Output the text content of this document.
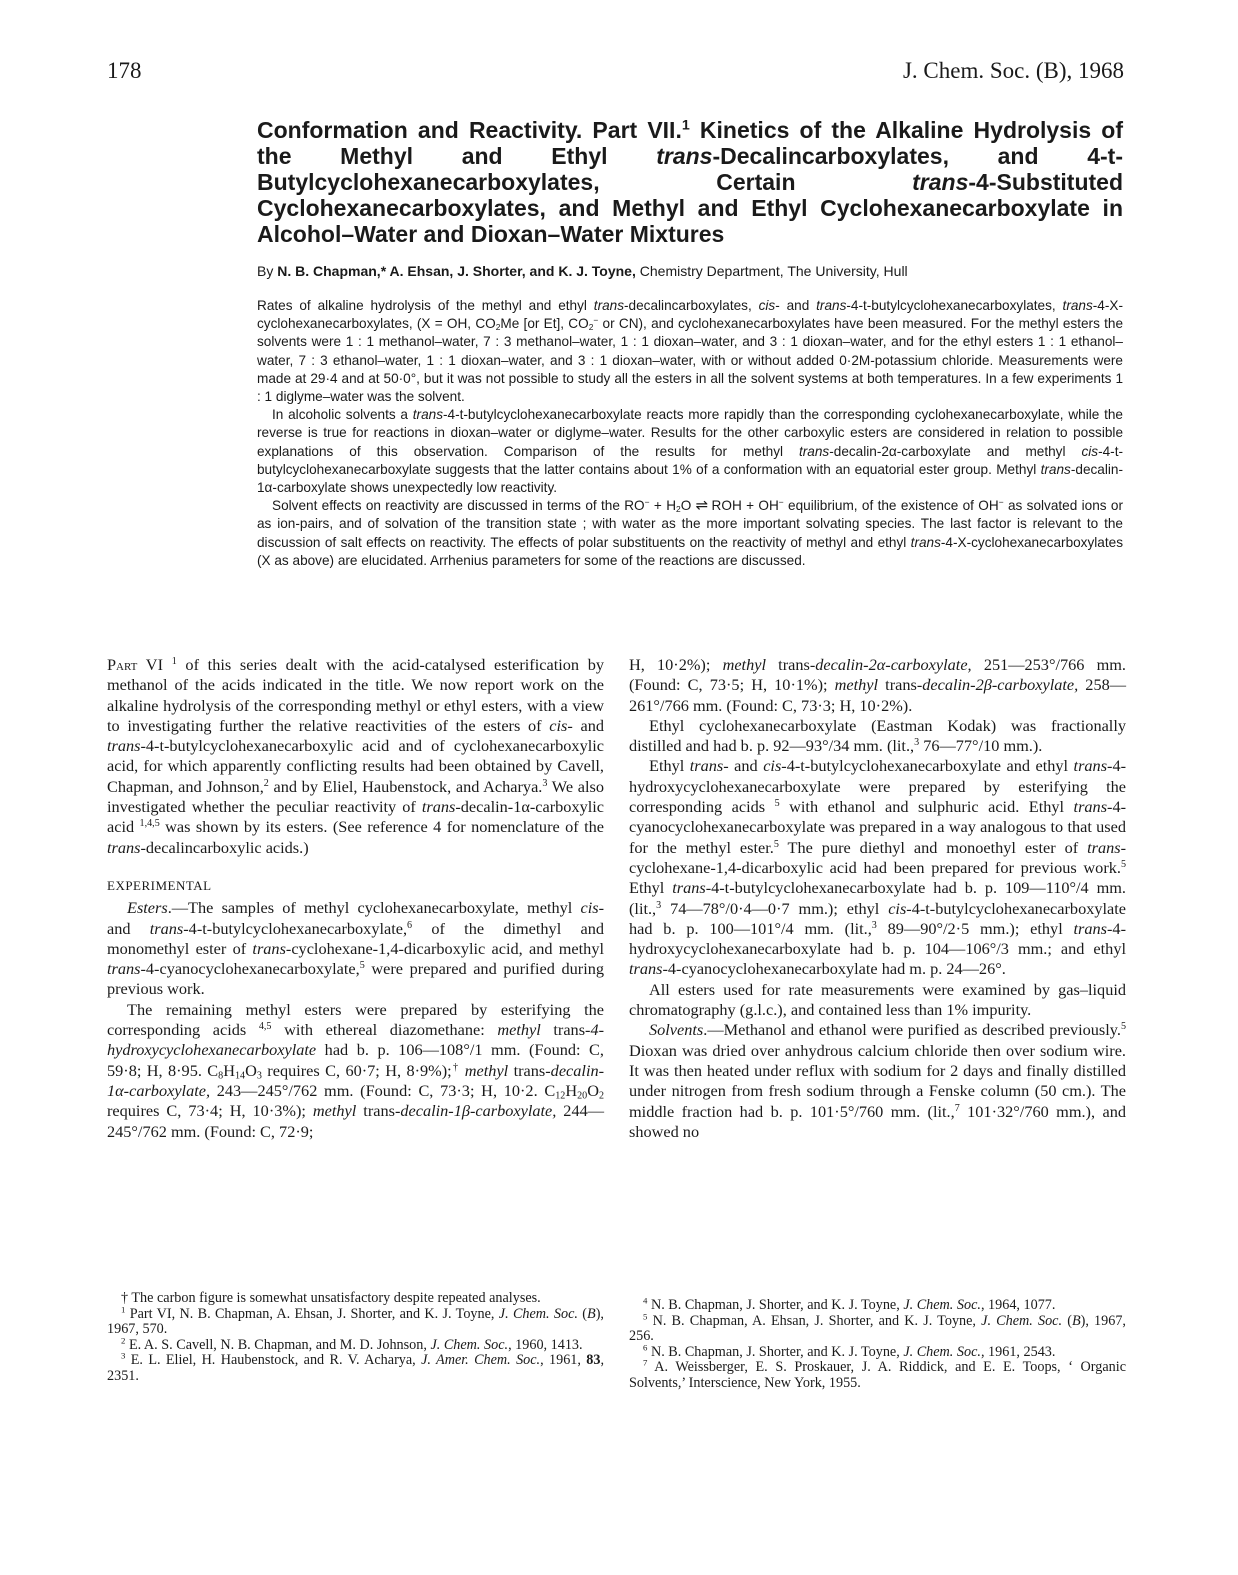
178	J. Chem. Soc. (B), 1968
Conformation and Reactivity. Part VII.$^1$ Kinetics of the Alkaline Hydrolysis of the Methyl and Ethyl trans-Decalincarboxylates, and 4-t-Butylcyclohexanecarboxylates, Certain trans-4-Substituted Cyclohexanecarboxylates, and Methyl and Ethyl Cyclohexanecarboxylate in Alcohol–Water and Dioxan–Water Mixtures
By N. B. Chapman,* A. Ehsan, J. Shorter, and K. J. Toyne, Chemistry Department, The University, Hull

Rates of alkaline hydrolysis of the methyl and ethyl trans-decalincarboxylates, cis- and trans-4-t-butylcyclohexanecarboxylates, trans-4-X-cyclohexanecarboxylates, (X = OH, $CO_2Me$ [or Et], $CO_2^-$ or CN), and cyclohexanecarboxylates have been measured. For the methyl esters the solvents were 1 : 1 methanol–water, 7 : 3 methanol–water, 1 : 1 dioxan–water, and 3 : 1 dioxan–water, and for the ethyl esters 1 : 1 ethanol–water, 7 : 3 ethanol–water, 1 : 1 dioxan–water, and 3 : 1 dioxan–water, with or without added 0·2M-potassium chloride. Measurements were made at 29·4 and at 50·0°, but it was not possible to study all the esters in all the solvent systems at both temperatures. In a few experiments 1 : 1 diglyme–water was the solvent.

In alcoholic solvents a trans-4-t-butylcyclohexanecarboxylate reacts more rapidly than the corresponding cyclohexanecarboxylate, while the reverse is true for reactions in dioxan–water or diglyme–water. Results for the other carboxylic esters are considered in relation to possible explanations of this observation. Comparison of the results for methyl trans-decalin-2α-carboxylate and methyl cis-4-t-butylcyclohexanecarboxylate suggests that the latter contains about 1% of a conformation with an equatorial ester group. Methyl trans-decalin-1α-carboxylate shows unexpectedly low reactivity.

Solvent effects on reactivity are discussed in terms of the $RO^- + H_2O$ ⇌ ROH + OH− equilibrium, of the existence of OH− as solvated ions or as ion-pairs, and of solvation of the transition state ; with water as the more important solvating species. The last factor is relevant to the discussion of salt effects on reactivity. The effects of polar substituents on the reactivity of methyl and ethyl trans-4-X-cyclohexanecarboxylates (X as above) are elucidated. Arrhenius parameters for some of the reactions are discussed.

Part VI $^1$ of this series dealt with the acid-catalysed esterification by methanol of the acids indicated in the title. We now report work on the alkaline hydrolysis of the corresponding methyl or ethyl esters, with a view to investigating further the relative reactivities of the esters of cis- and trans-4-t-butylcyclohexanecarboxylic acid and of cyclohexanecarboxylic acid, for which apparently conflicting results had been obtained by Cavell, Chapman, and Johnson,$^2$ and by Eliel, Haubenstock, and Acharya.$^3$ We also investigated whether the peculiar reactivity of trans-decalin-1α-carboxylic acid $^{1,4,5}$ was shown by its esters. (See reference 4 for nomenclature of the trans-decalincarboxylic acids.)

EXPERIMENTAL

Esters.—The samples of methyl cyclohexanecarboxylate, methyl cis- and trans-4-t-butylcyclohexanecarboxylate,$^6$ of the dimethyl and monomethyl ester of trans-cyclohexane-1,4-dicarboxylic acid, and methyl trans-4-cyanocyclohexanecarboxylate,$^5$ were prepared and purified during previous work.

The remaining methyl esters were prepared by esterifying the corresponding acids $^{4,5}$ with ethereal diazomethane: methyl trans-4-hydroxycyclohexanecarboxylate had b. p. 106—108°/1 mm. (Found: C, 59·8; H, 8·95. $C_8H_{14}O_3$ requires C, 60·7; H, 8·9%);† methyl trans-decalin-1α-carboxylate, 243—245°/762 mm. (Found: C, 73·3; H, 10·2. $C_{12}H_{20}O_2$ requires C, 73·4; H, 10·3%); methyl trans-decalin-1β-carboxylate, 244—245°/762 mm. (Found: C, 72·9;

H, 10·2%); methyl trans-decalin-2α-carboxylate, 251—253°/766 mm. (Found: C, 73·5; H, 10·1%); methyl trans-decalin-2β-carboxylate, 258—261°/766 mm. (Found: C, 73·3; H, 10·2%).

Ethyl cyclohexanecarboxylate (Eastman Kodak) was fractionally distilled and had b. p. 92—93°/34 mm. (lit.,$^3$ 76—77°/10 mm.).

Ethyl trans- and cis-4-t-butylcyclohexanecarboxylate and ethyl trans-4-hydroxycyclohexanecarboxylate were prepared by esterifying the corresponding acids $^5$ with ethanol and sulphuric acid. Ethyl trans-4-cyanocyclohexanecarboxylate was prepared in a way analogous to that used for the methyl ester.$^5$ The pure diethyl and monoethyl ester of trans-cyclohexane-1,4-dicarboxylic acid had been prepared for previous work.$^5$ Ethyl trans-4-t-butylcyclohexanecarboxylate had b. p. 109—110°/4 mm. (lit.,$^3$ 74—78°/0·4—0·7 mm.); ethyl cis-4-t-butylcyclohexanecarboxylate had b. p. 100—101°/4 mm. (lit.,$^3$ 89—90°/2·5 mm.); ethyl trans-4-hydroxycyclohexanecarboxylate had b. p. 104—106°/3 mm.; and ethyl trans-4-cyanocyclohexanecarboxylate had m. p. 24—26°.

All esters used for rate measurements were examined by gas–liquid chromatography (g.l.c.), and contained less than 1% impurity.

Solvents.—Methanol and ethanol were purified as described previously.$^5$ Dioxan was dried over anhydrous calcium chloride then over sodium wire. It was then heated under reflux with sodium for 2 days and finally distilled under nitrogen from fresh sodium through a Fenske column (50 cm.). The middle fraction had b. p. 101·5°/760 mm. (lit.,$^7$ 101·32°/760 mm.), and showed no

† The carbon figure is somewhat unsatisfactory despite repeated analyses.

$^1$ Part VI, N. B. Chapman, A. Ehsan, J. Shorter, and K. J. Toyne, J. Chem. Soc. (B), 1967, 570.

$^2$ E. A. S. Cavell, N. B. Chapman, and M. D. Johnson, J. Chem. Soc., 1960, 1413.

$^3$ E. L. Eliel, H. Haubenstock, and R. V. Acharya, J. Amer. Chem. Soc., 1961, 83, 2351.

$^4$ N. B. Chapman, J. Shorter, and K. J. Toyne, J. Chem. Soc., 1964, 1077.

$^5$ N. B. Chapman, A. Ehsan, J. Shorter, and K. J. Toyne, J. Chem. Soc. (B), 1967, 256.

$^6$ N. B. Chapman, J. Shorter, and K. J. Toyne, J. Chem. Soc., 1961, 2543.

$^7$ A. Weissberger, E. S. Proskauer, J. A. Riddick, and E. E. Toops, ‘ Organic Solvents,’ Interscience, New York, 1955.
